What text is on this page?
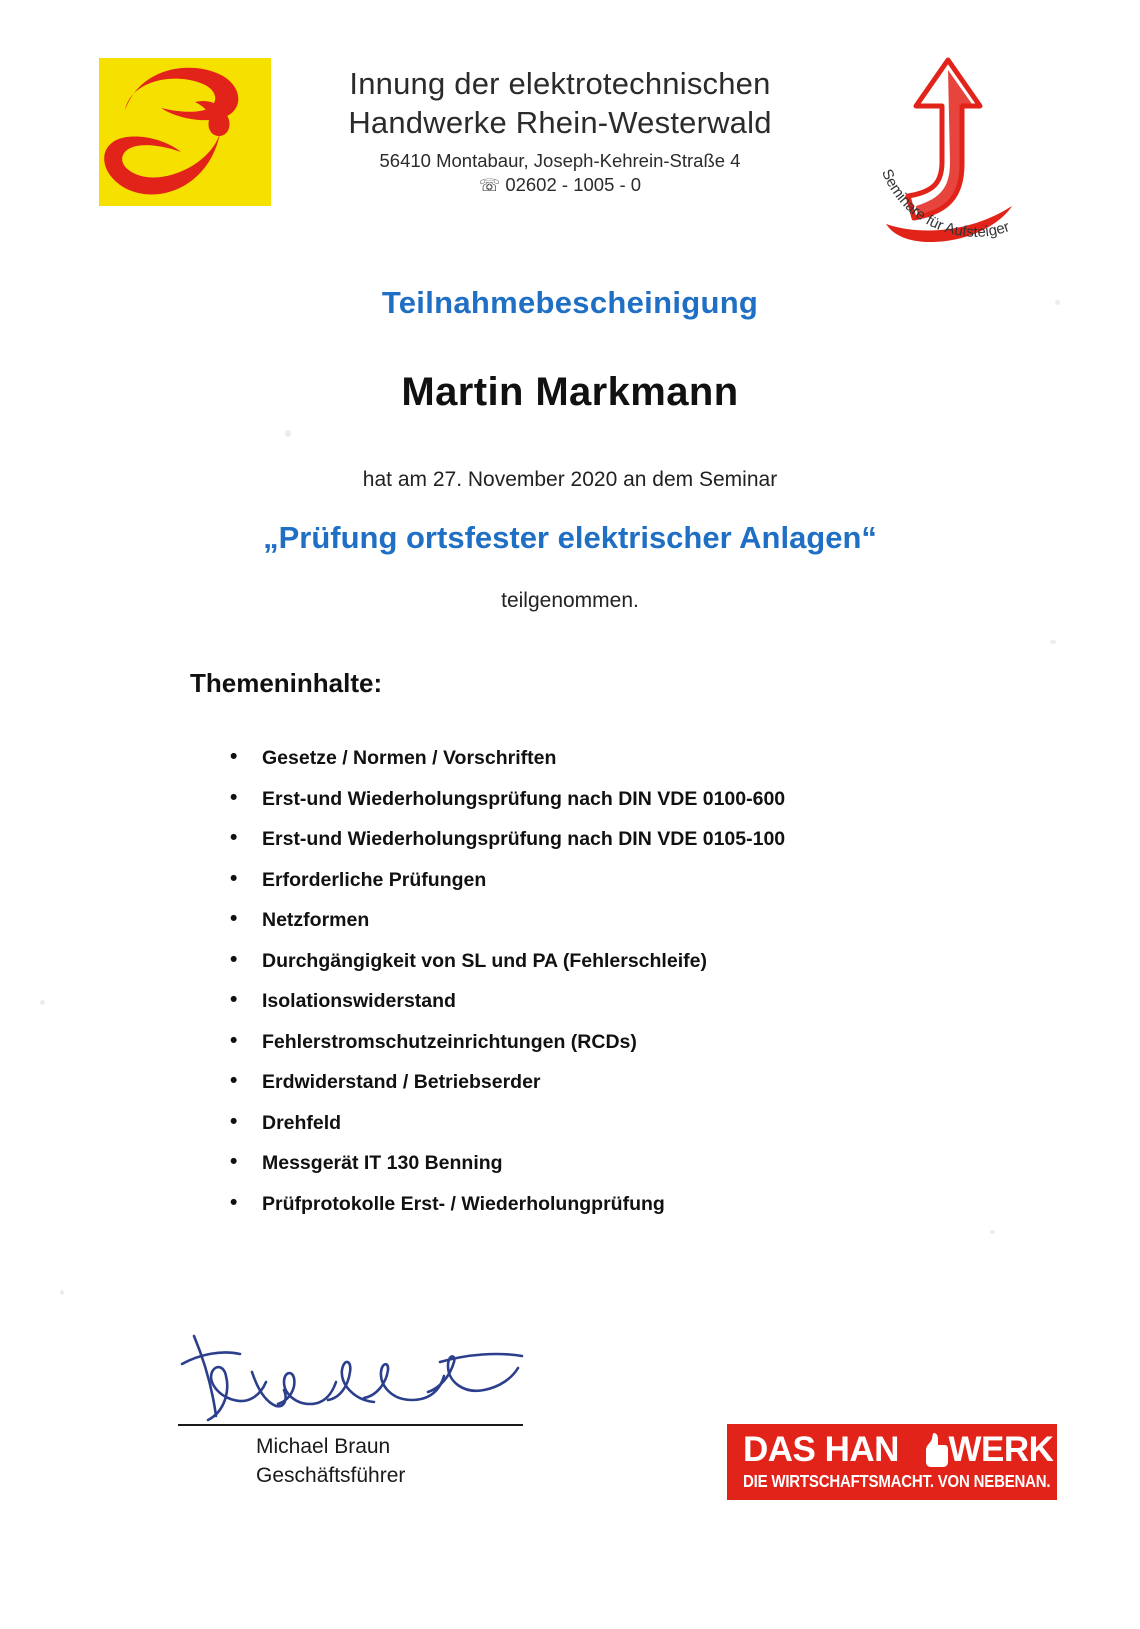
Innung der elektrotechnischen
Handwerke Rhein-Westerwald
56410 Montabaur, Joseph-Kehrein-Straße 4
☏ 02602 - 1005 - 0	Seminare für Aufsteiger
Teilnahmebescheinigung
Martin Markmann
hat am 27. November 2020 an dem Seminar
„Prüfung ortsfester elektrischer Anlagen“
teilgenommen.
Themeninhalte:
• Gesetze / Normen / Vorschriften
• Erst-und Wiederholungsprüfung nach DIN VDE 0100-600
• Erst-und Wiederholungsprüfung nach DIN VDE 0105-100
• Erforderliche Prüfungen
• Netzformen
• Durchgängigkeit von SL und PA (Fehlerschleife)
• Isolationswiderstand
• Fehlerstromschutzeinrichtungen (RCDs)
• Erdwiderstand / Betriebserder
• Drehfeld
• Messgerät IT 130 Benning
• Prüfprotokolle Erst- / Wiederholungprüfung
Michael Braun
Geschäftsführer
DAS HAN WERK
DIE WIRTSCHAFTSMACHT. VON NEBENAN.
